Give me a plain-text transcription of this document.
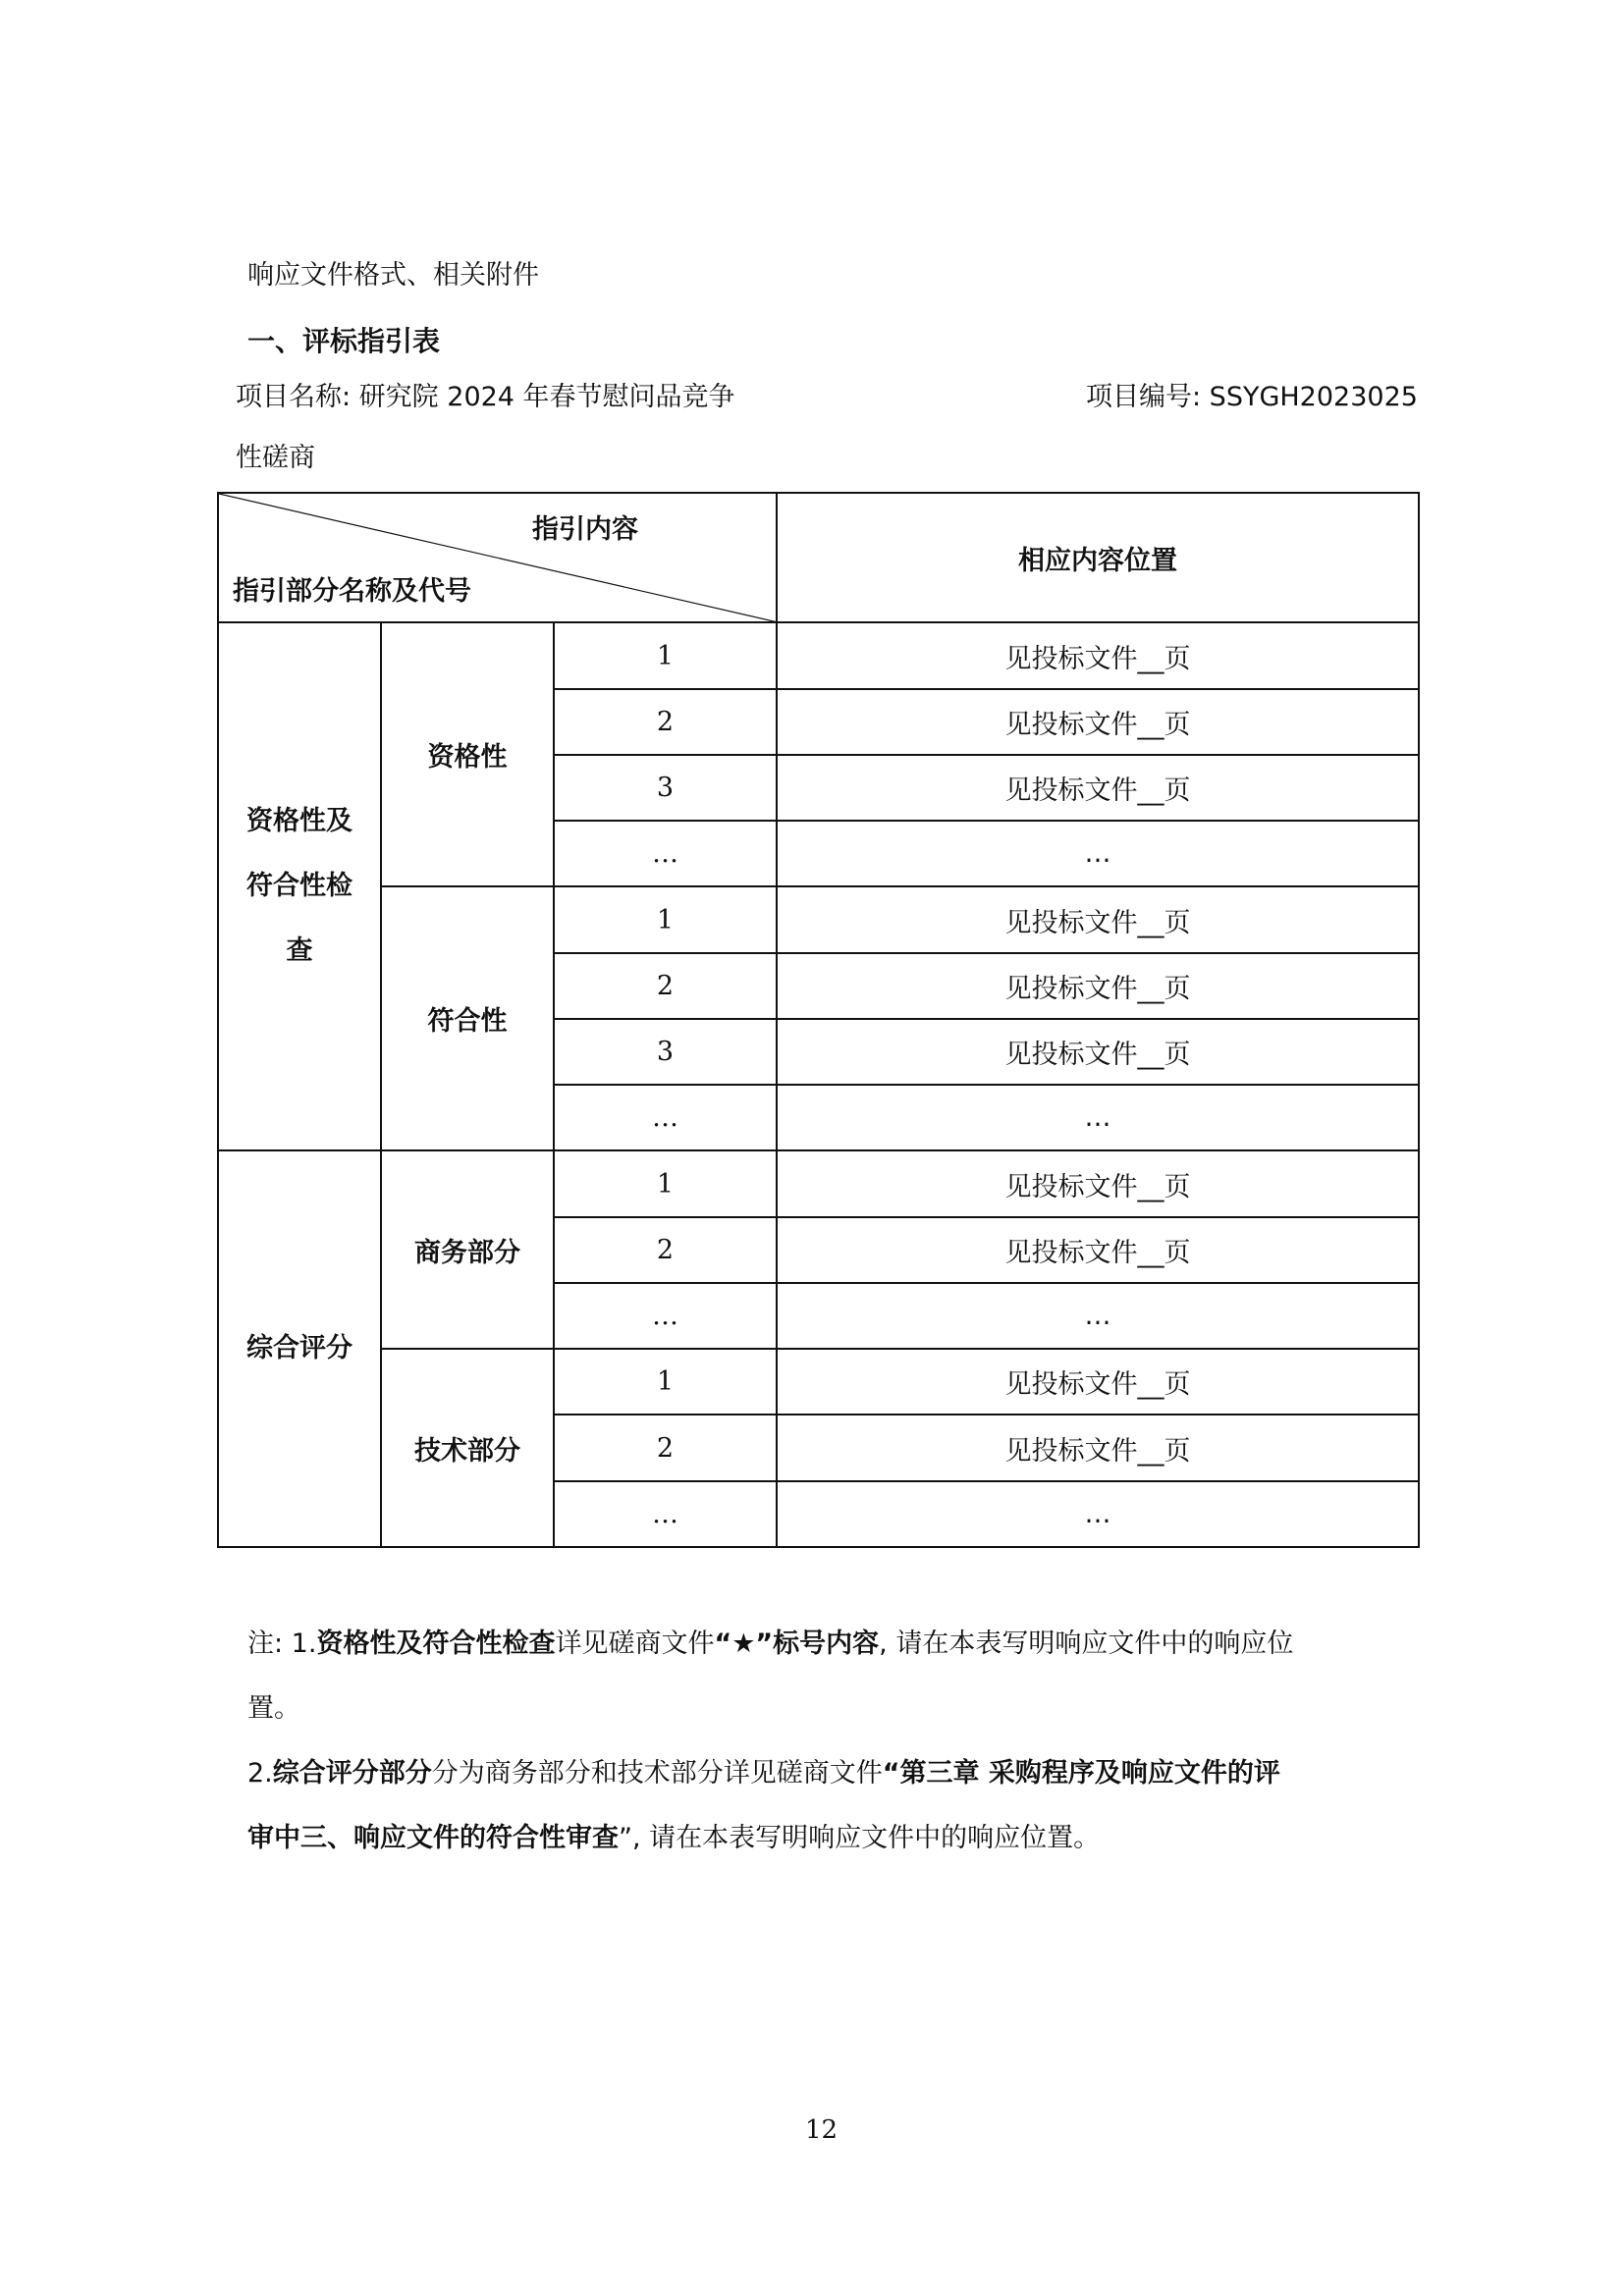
响应文件格式、相关附件
一、评标指引表
项目名称: 研究院 2024 年春节慰问品竞争	项目编号: SSYGH2023025
性磋商
指引内容
指引部分名称及代号			相应内容位置

资格性及
符合性检
查	资格性	1	见投标文件__页
		2	见投标文件__页
		3	见投标文件__页
		…	…
	符合性	1	见投标文件__页
		2	见投标文件__页
		3	见投标文件__页
		…	…

综合评分	商务部分	1	见投标文件__页
		2	见投标文件__页
		…	…
	技术部分	1	见投标文件__页
		2	见投标文件__页
		…	…
注: 1.资格性及符合性检查详见磋商文件“★”标号内容, 请在本表写明响应文件中的响应位
置。
2.综合评分部分分为商务部分和技术部分详见磋商文件“第三章 采购程序及响应文件的评
审中三、响应文件的符合性审查”, 请在本表写明响应文件中的响应位置。
12
